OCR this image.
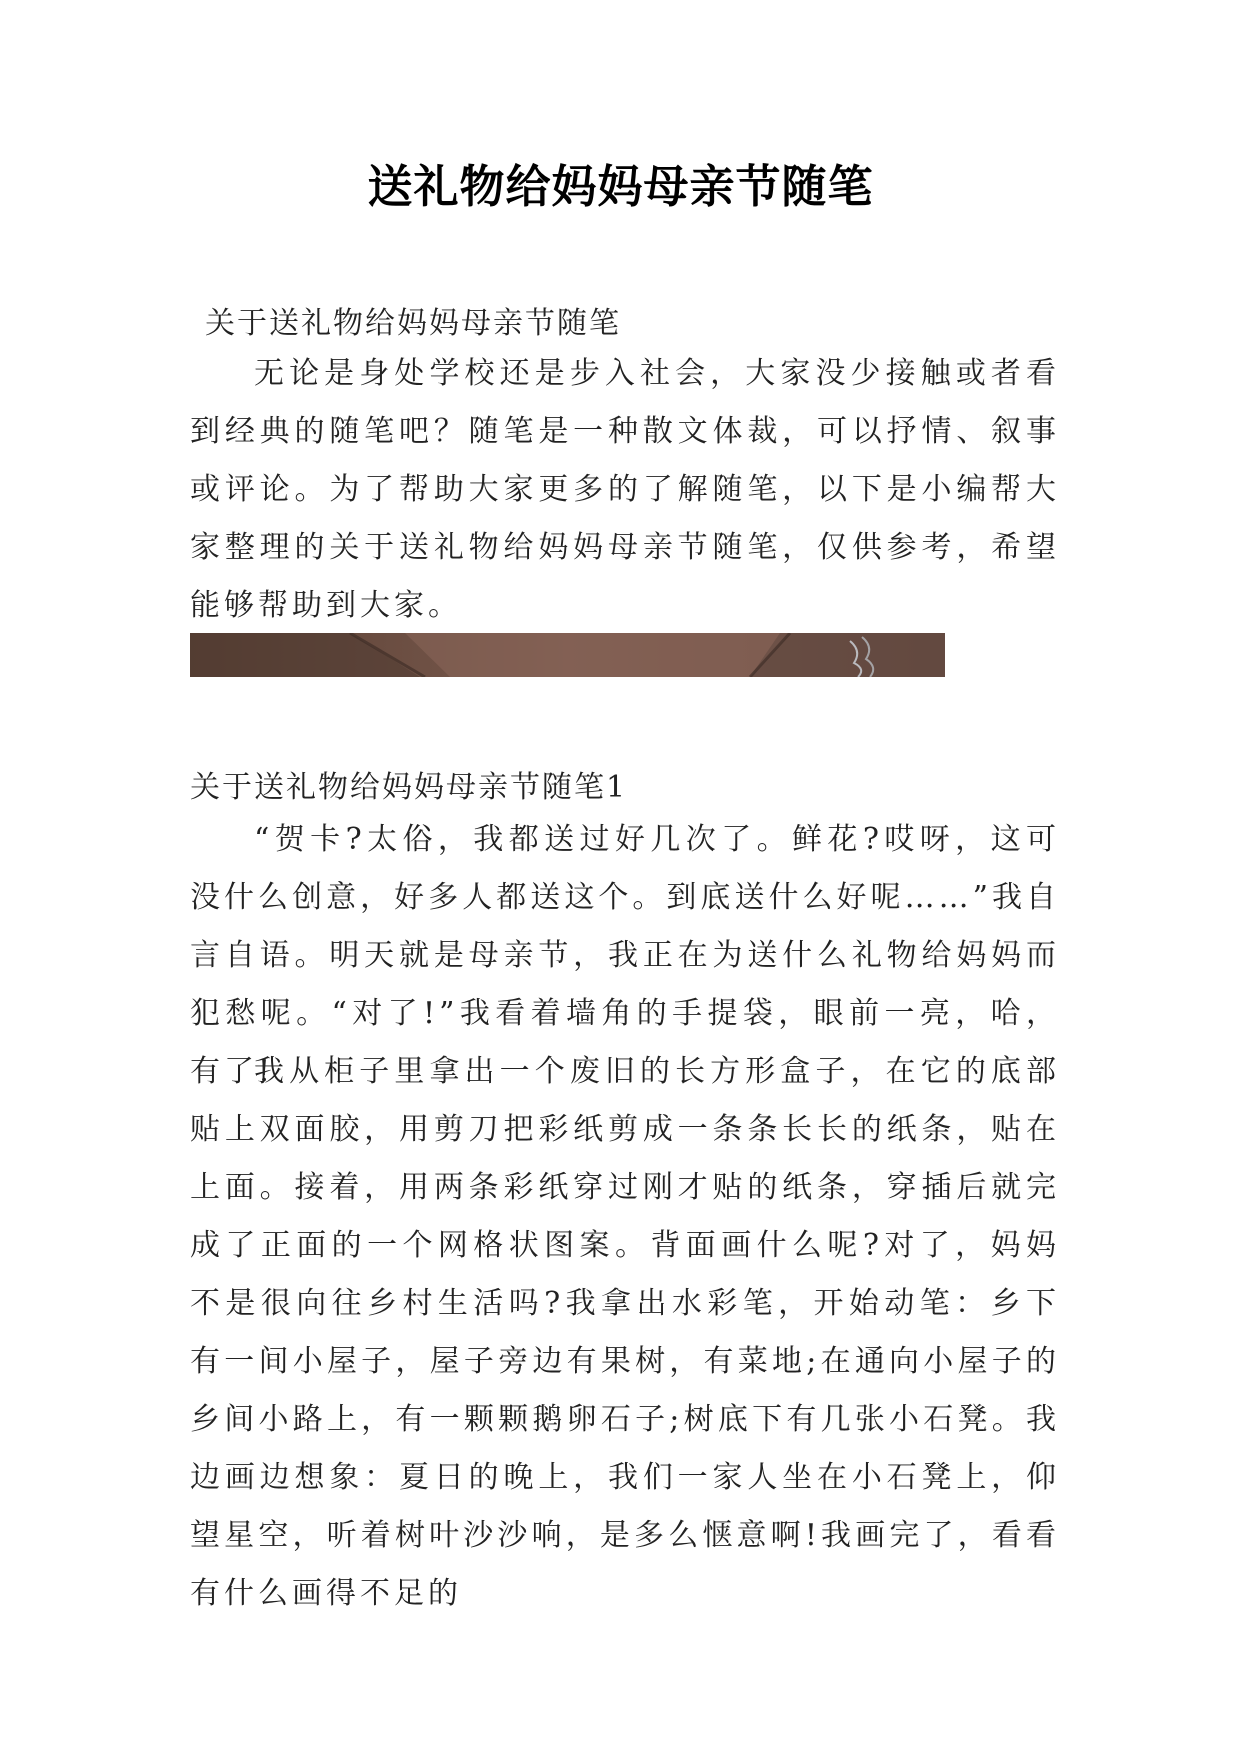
送礼物给妈妈母亲节随笔

关于送礼物给妈妈母亲节随笔

无论是身处学校还是步入社会，大家没少接触或者看到经典的随笔吧？随笔是一种散文体裁，可以抒情、叙事或评论。为了帮助大家更多的了解随笔，以下是小编帮大家整理的关于送礼物给妈妈母亲节随笔，仅供参考，希望能够帮助到大家。

关于送礼物给妈妈母亲节随笔1

“贺卡?太俗，我都送过好几次了。鲜花?哎呀，这可没什么创意，好多人都送这个。到底送什么好呢……”我自言自语。明天就是母亲节，我正在为送什么礼物给妈妈而犯愁呢。“对了!”我看着墙角的手提袋，眼前一亮，哈，有了!

我从柜子里拿出一个废旧的长方形盒子，在它的底部贴上双面胶，用剪刀把彩纸剪成一条条长长的纸条，贴在上面。接着，用两条彩纸穿过刚才贴的纸条，穿插后就完成了正面的一个网格状图案。背面画什么呢?对了，妈妈不是很向往乡村生活吗?我拿出水彩笔，开始动笔：乡下有一间小屋子，屋子旁边有果树，有菜地;在通向小屋子的乡间小路上，有一颗颗鹅卵石子;树底下有几张小石凳。我边画边想象：夏日的晚上，我们一家人坐在小石凳上，仰望星空，听着树叶沙沙响，是多么惬意啊!我画完了，看看有什么画得不足的
